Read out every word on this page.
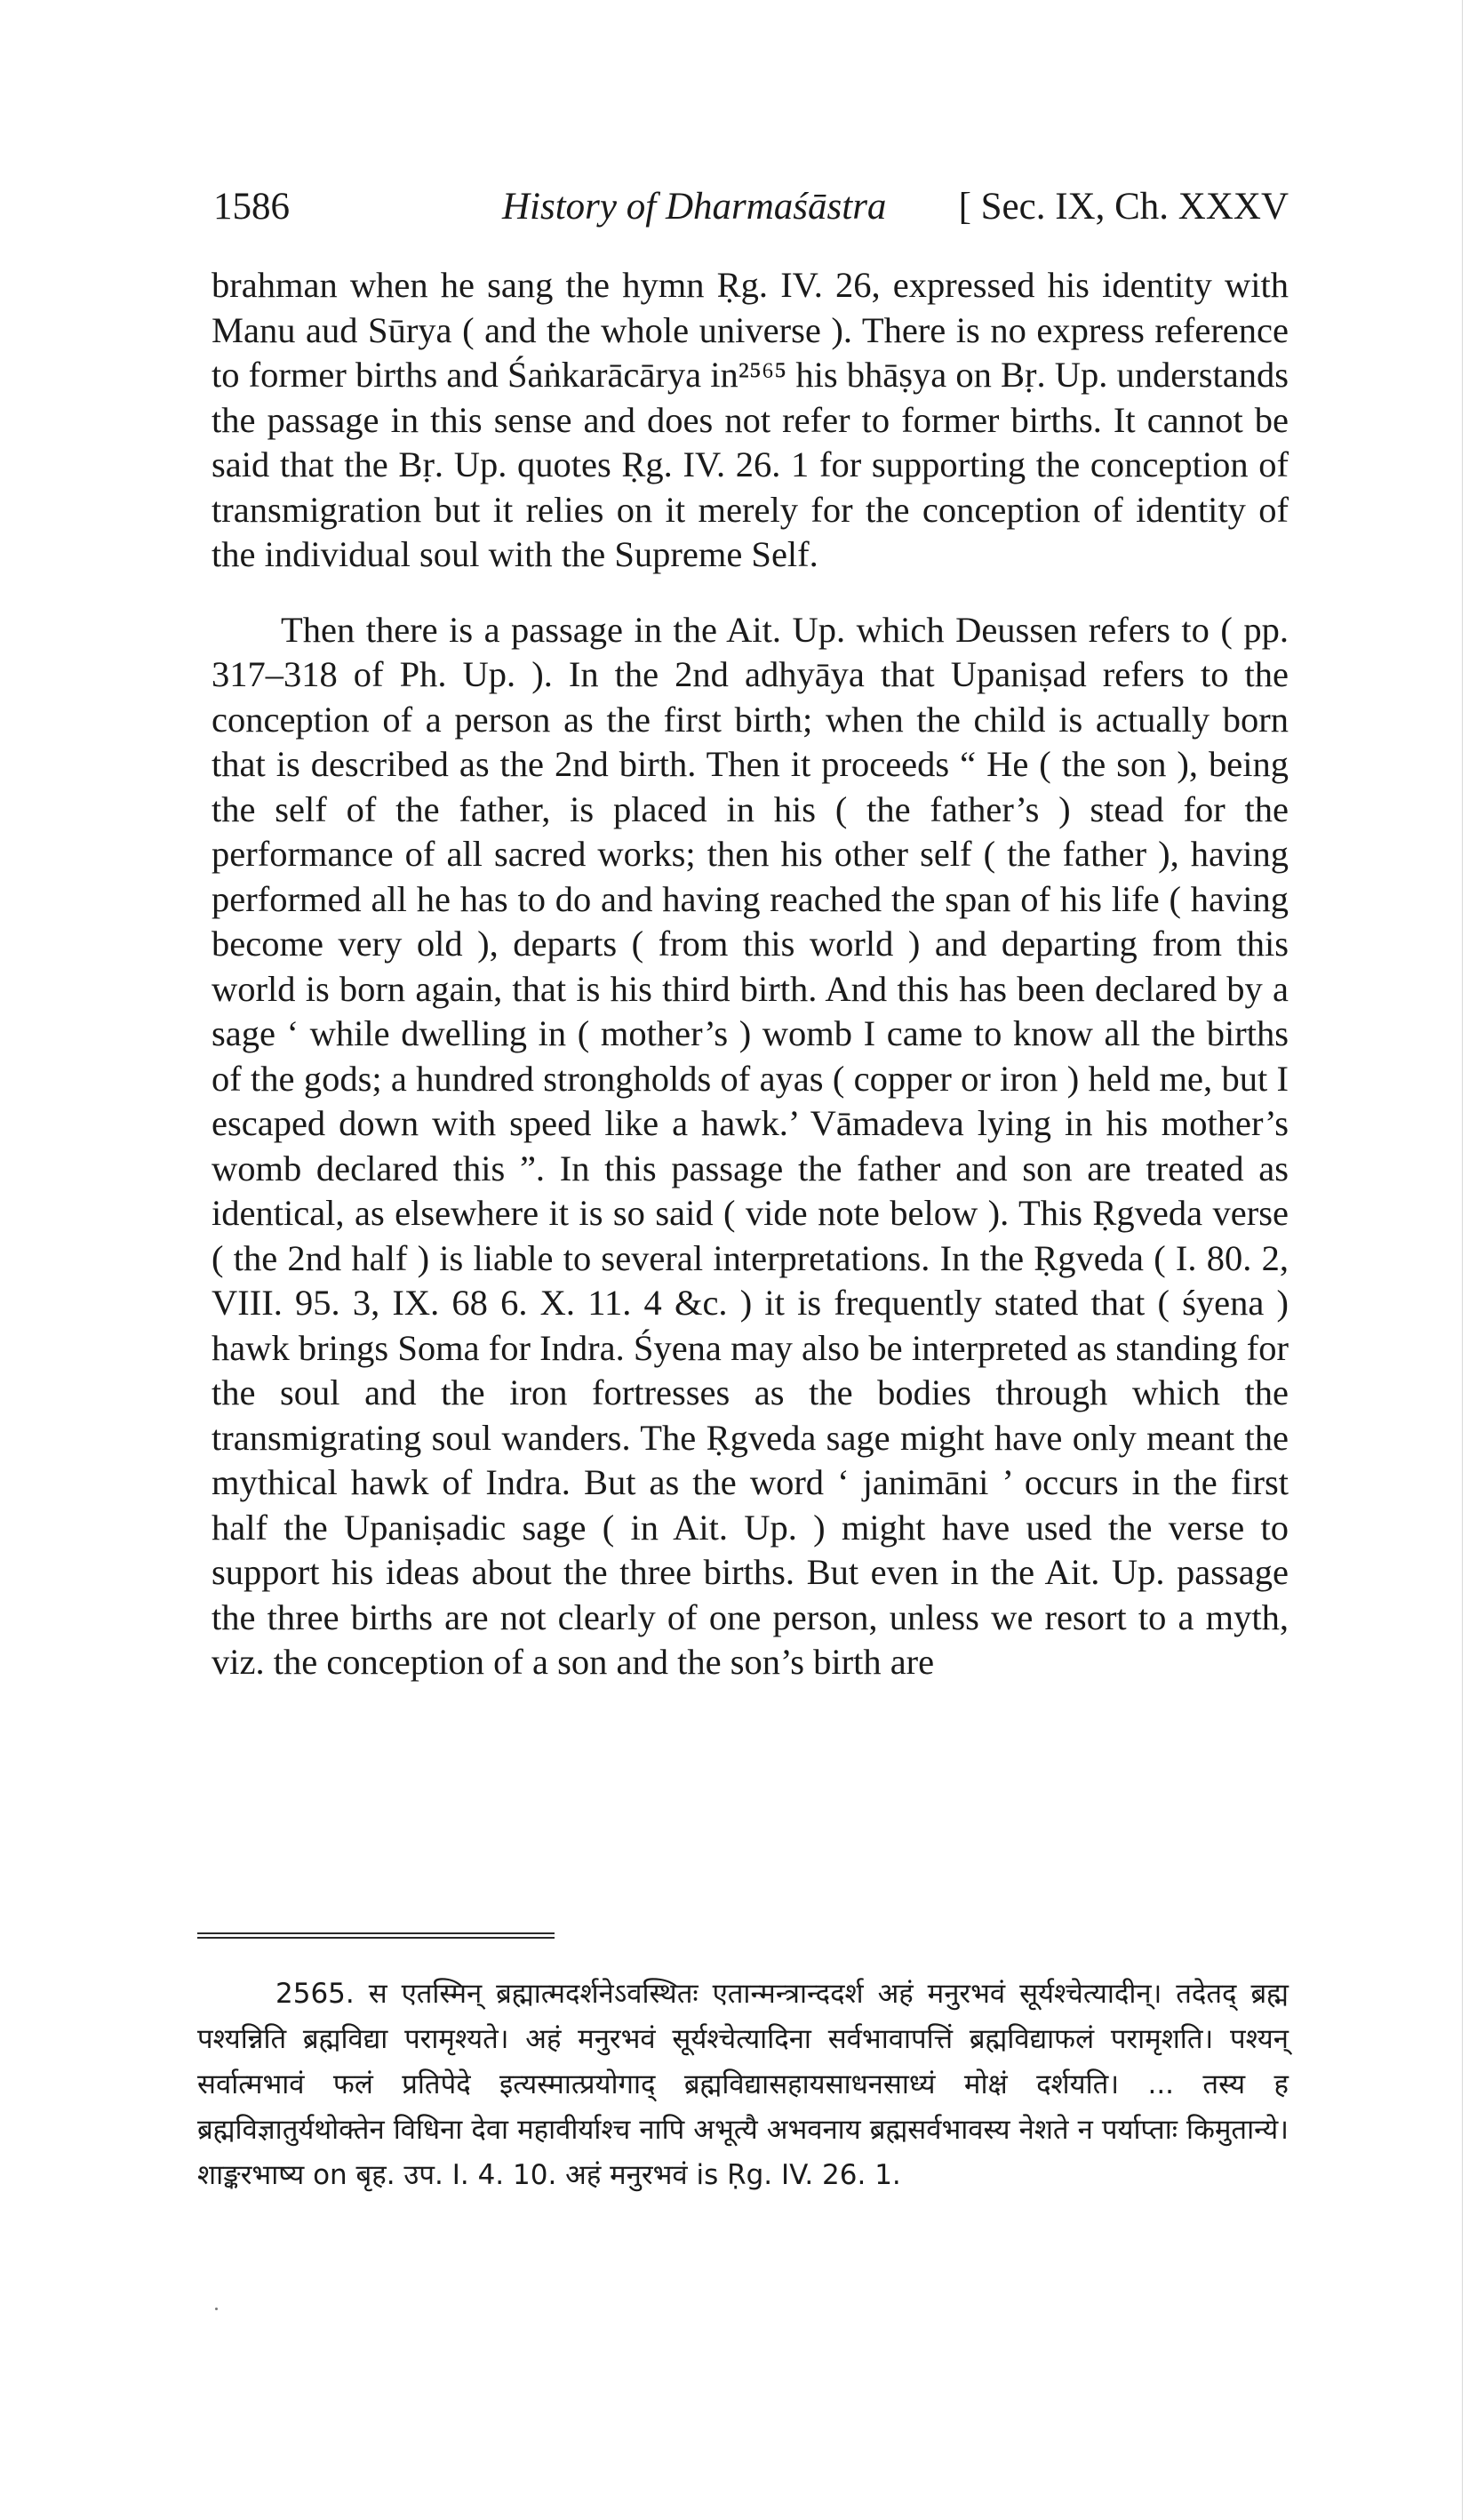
1586	History of Dharmaśāstra [ Sec. IX, Ch. XXXV

brahman when he sang the hymn Ṛg. IV. 26, expressed his identity with Manu aud Sūrya ( and the whole universe ). There is no express reference to former births and Śaṅkarācārya in²⁵⁶⁵ his bhāṣya on Bṛ. Up. understands the passage in this sense and does not refer to former births. It cannot be said that the Bṛ. Up. quotes Ṛg. IV. 26. 1 for supporting the conception of transmigration but it relies on it merely for the conception of identity of the individual soul with the Supreme Self.

Then there is a passage in the Ait. Up. which Deussen refers to ( pp. 317–318 of Ph. Up. ). In the 2nd adhyāya that Upaniṣad refers to the conception of a person as the first birth; when the child is actually born that is described as the 2nd birth. Then it proceeds “ He ( the son ), being the self of the father, is placed in his ( the father’s ) stead for the performance of all sacred works; then his other self ( the father ), having performed all he has to do and having reached the span of his life ( having become very old ), departs ( from this world ) and departing from this world is born again, that is his third birth. And this has been declared by a sage ‘ while dwelling in ( mother’s ) womb I came to know all the births of the gods; a hundred strongholds of ayas ( copper or iron ) held me, but I escaped down with speed like a hawk.’ Vāmadeva lying in his mother’s womb declared this ”. In this passage the father and son are treated as identical, as elsewhere it is so said ( vide note below ). This Ṛgveda verse ( the 2nd half ) is liable to several interpretations. In the Ṛgveda ( I. 80. 2, VIII. 95. 3, IX. 68 6. X. 11. 4 &c. ) it is frequently stated that ( śyena ) hawk brings Soma for Indra. Śyena may also be interpreted as standing for the soul and the iron fortresses as the bodies through which the transmigrating soul wanders. The Ṛgveda sage might have only meant the mythical hawk of Indra. But as the word ‘ janimāni ’ occurs in the first half the Upaniṣadic sage ( in Ait. Up. ) might have used the verse to support his ideas about the three births. But even in the Ait. Up. passage the three births are not clearly of one person, unless we resort to a myth, viz. the conception of a son and the son’s birth are

2565. स एतस्मिन् ब्रह्मात्मदर्शनेऽवस्थितः एतान्मन्त्रान्ददर्श अहं मनुरभवं सूर्यश्चेत्यादीन्। तदेतद् ब्रह्म पश्यन्निति ब्रह्मविद्या परामृश्यते। अहं मनुरभवं सूर्यश्चेत्यादिना सर्वभावापत्तिं ब्रह्मविद्याफलं परामृशति। पश्यन् सर्वात्मभावं फलं प्रतिपेदे इत्यस्मात्प्रयोगाद् ब्रह्मविद्यासहायसाधनसाध्यं मोक्षं दर्शयति। ... तस्य ह ब्रह्मविज्ञातुर्यथोक्तेन विधिना देवा महावीर्याश्च नापि अभूत्यै अभवनाय ब्रह्मसर्वभावस्य नेशते न पर्याप्ताः किमुतान्ये। शाङ्करभाष्य on बृह. उप. I. 4. 10. अहं मनुरभवं is Ṛg. IV. 26. 1.
